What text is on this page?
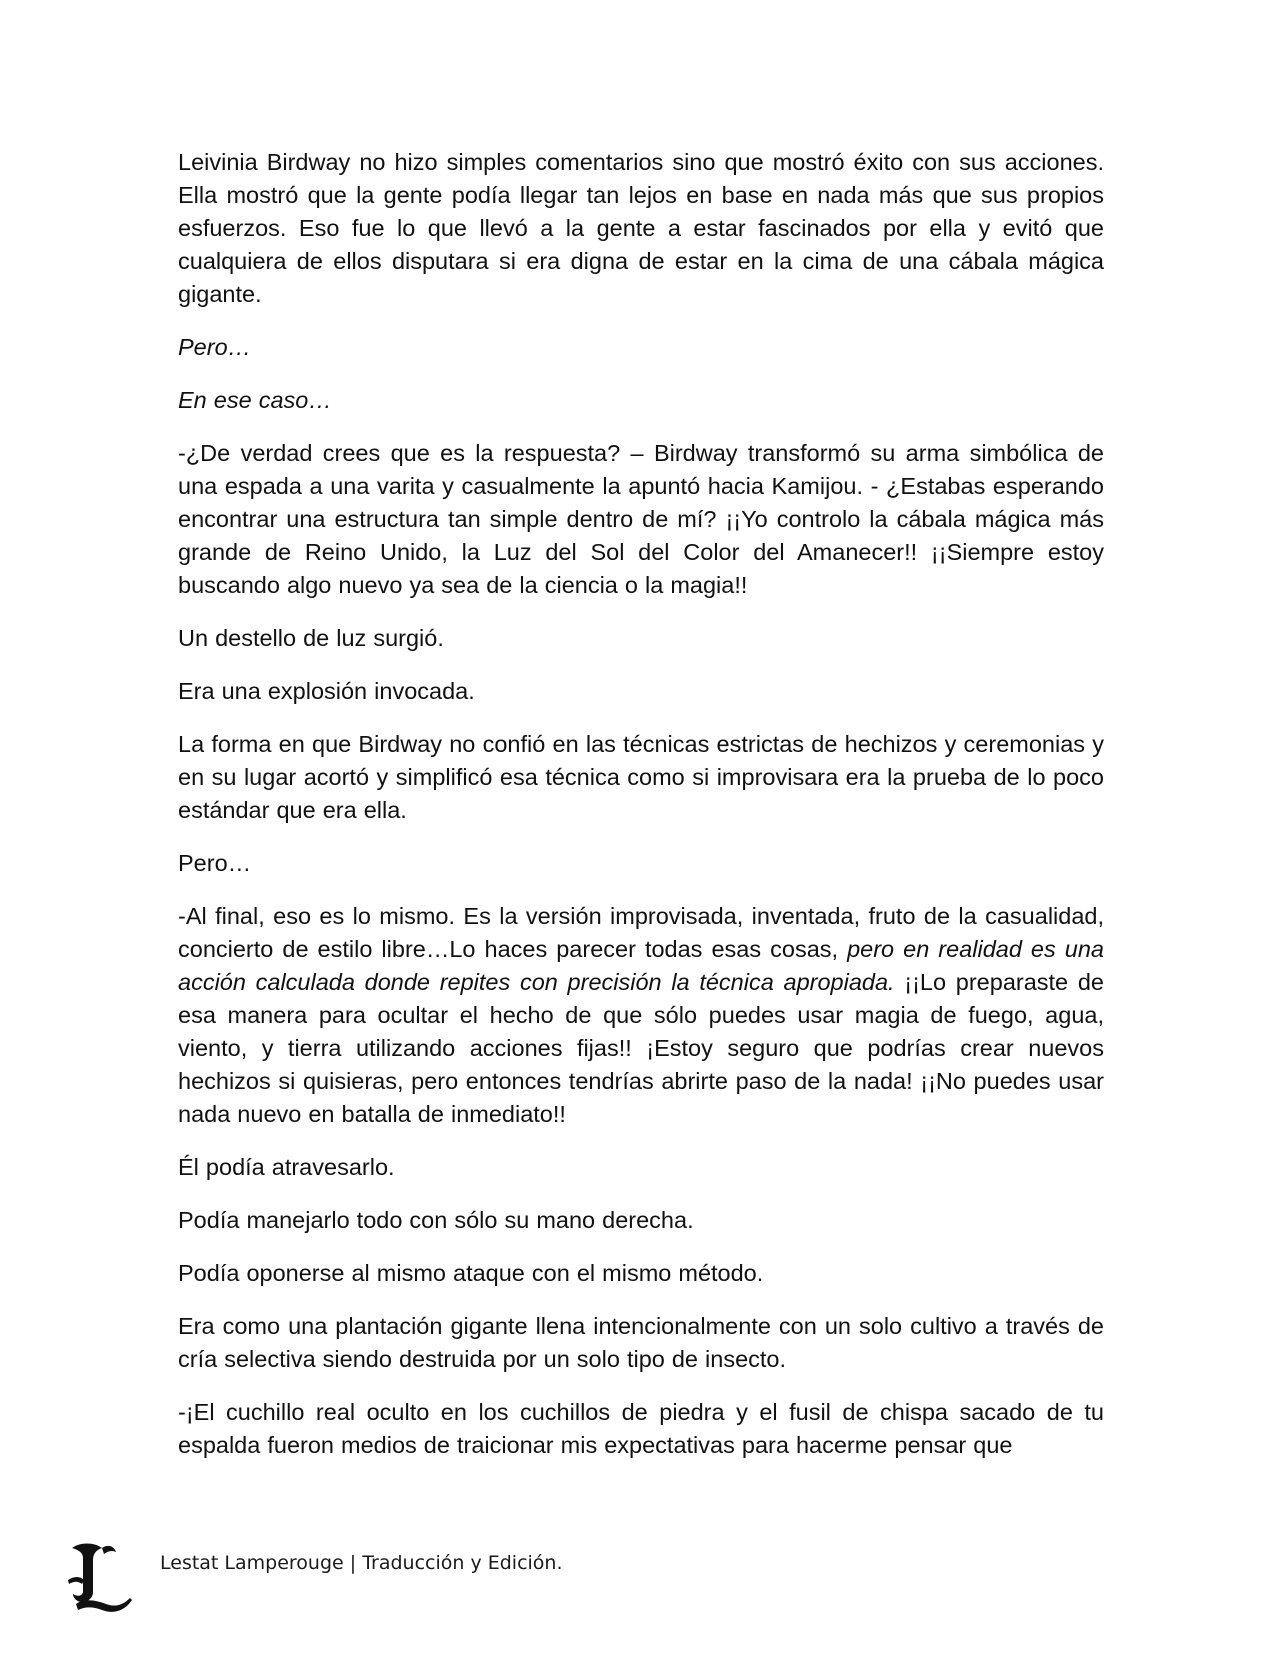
Leivinia Birdway no hizo simples comentarios sino que mostró éxito con sus acciones. Ella mostró que la gente podía llegar tan lejos en base en nada más que sus propios esfuerzos. Eso fue lo que llevó a la gente a estar fascinados por ella y evitó que cualquiera de ellos disputara si era digna de estar en la cima de una cábala mágica gigante.

Pero…

En ese caso…

-¿De verdad crees que es la respuesta? – Birdway transformó su arma simbólica de una espada a una varita y casualmente la apuntó hacia Kamijou. - ¿Estabas esperando encontrar una estructura tan simple dentro de mí? ¡¡Yo controlo la cábala mágica más grande de Reino Unido, la Luz del Sol del Color del Amanecer!! ¡¡Siempre estoy buscando algo nuevo ya sea de la ciencia o la magia!!

Un destello de luz surgió.

Era una explosión invocada.

La forma en que Birdway no confió en las técnicas estrictas de hechizos y ceremonias y en su lugar acortó y simplificó esa técnica como si improvisara era la prueba de lo poco estándar que era ella.

Pero…

-Al final, eso es lo mismo. Es la versión improvisada, inventada, fruto de la casualidad, concierto de estilo libre…Lo haces parecer todas esas cosas, pero en realidad es una acción calculada donde repites con precisión la técnica apropiada. ¡¡Lo preparaste de esa manera para ocultar el hecho de que sólo puedes usar magia de fuego, agua, viento, y tierra utilizando acciones fijas!! ¡Estoy seguro que podrías crear nuevos hechizos si quisieras, pero entonces tendrías abrirte paso de la nada! ¡¡No puedes usar nada nuevo en batalla de inmediato!!

Él podía atravesarlo.

Podía manejarlo todo con sólo su mano derecha.

Podía oponerse al mismo ataque con el mismo método.

Era como una plantación gigante llena intencionalmente con un solo cultivo a través de cría selectiva siendo destruida por un solo tipo de insecto.

-¡El cuchillo real oculto en los cuchillos de piedra y el fusil de chispa sacado de tu espalda fueron medios de traicionar mis expectativas para hacerme pensar que

Lestat Lamperouge | Traducción y Edición.
